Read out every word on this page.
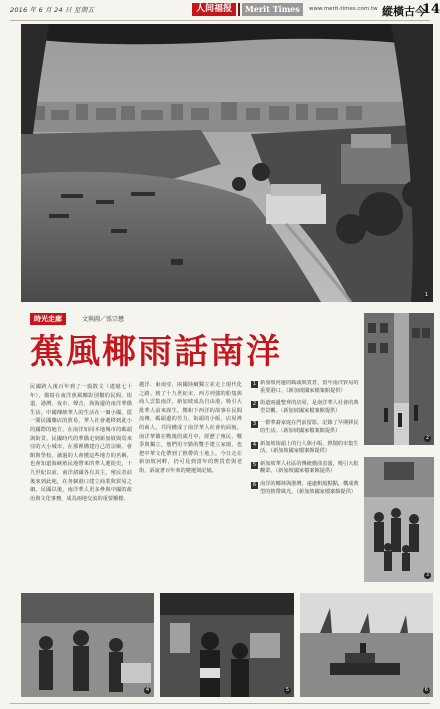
2016 年 6 月 24 日 星期五	人间福报	Merit Times	www.merit-times.com.tw 縱橫古今
14
1
時光走廊	文與圖／張宗懋
蕉風椰雨話南洋
民國跨入後百年到了一篇散文（遙憶七十年），描寫在南洋蕉風椰影別樹的民間、街道、港灣、夜市、聲音，與海邊的南洋華僑生活。中國傳統華人的生活在一個小國，從一間民國藥店的貿易，華人社會遷移到此小的國際的地方，在南洋如同本地城市的碼頭與街景，民國時代的華僑走到新加坡與馬來亞的大小城市，在那裡構建自己的宗廟、會館與學校。讀過的人會懂這些地方的名稱，也會知道海峽殖民地帶來的華人遷徙史。十九世紀以前，南洋諸國各有其主，殖民者前後來到此地，在各個港口建立商業與貿易之網。民國以後，南洋華人更多參與中國的政治與文化事務，成為兩地交流的重要橋樑。
越洋、東南亞，兩國陸續獨立並走上現代化之路。到了十九世紀末，西方列強的船隻與商人雲集南洋，新加坡成為自由港，吸引大批華人前來謀生。鄭和下西洋的故事在民間流傳，碼頭邊的苦力、街頭的小販、店屋裡的商人，共同構成了南洋華人社會的面貌。南洋華僑在戰後的歲月中，經歷了殖民、戰爭與獨立，他們用辛勤的雙手建立家園，也把中華文化帶到了熱帶的土地上。今日走在新加坡河畔，仍可見到當年的舊貨倉與老街，訴說著百年來的變遷與記憶。
1 新加坡河邊的碼頭與貨倉，當年南洋貿易的重要港口。（新加坡國家檔案館提供）
2 街道兩邊整齊的店屋，是南洋華人社會的典型景觀。（新加坡國家檔案館提供）
3 一群華裔家庭在門前留影，記錄了早期移民的生活。（新加坡國家檔案館提供）
4 新加坡街頭上的行人與小販，熱鬧的市集生活。（新加坡國家檔案館提供）
5 新加坡華人社區的傳統戲曲表演，吸引大批觀眾。（新加坡國家檔案館提供）
6 南洋的椰林與港灣，遠處帆船點點，構成典型的熱帶風光。（新加坡國家檔案館提供）
2
3
4	5	6
